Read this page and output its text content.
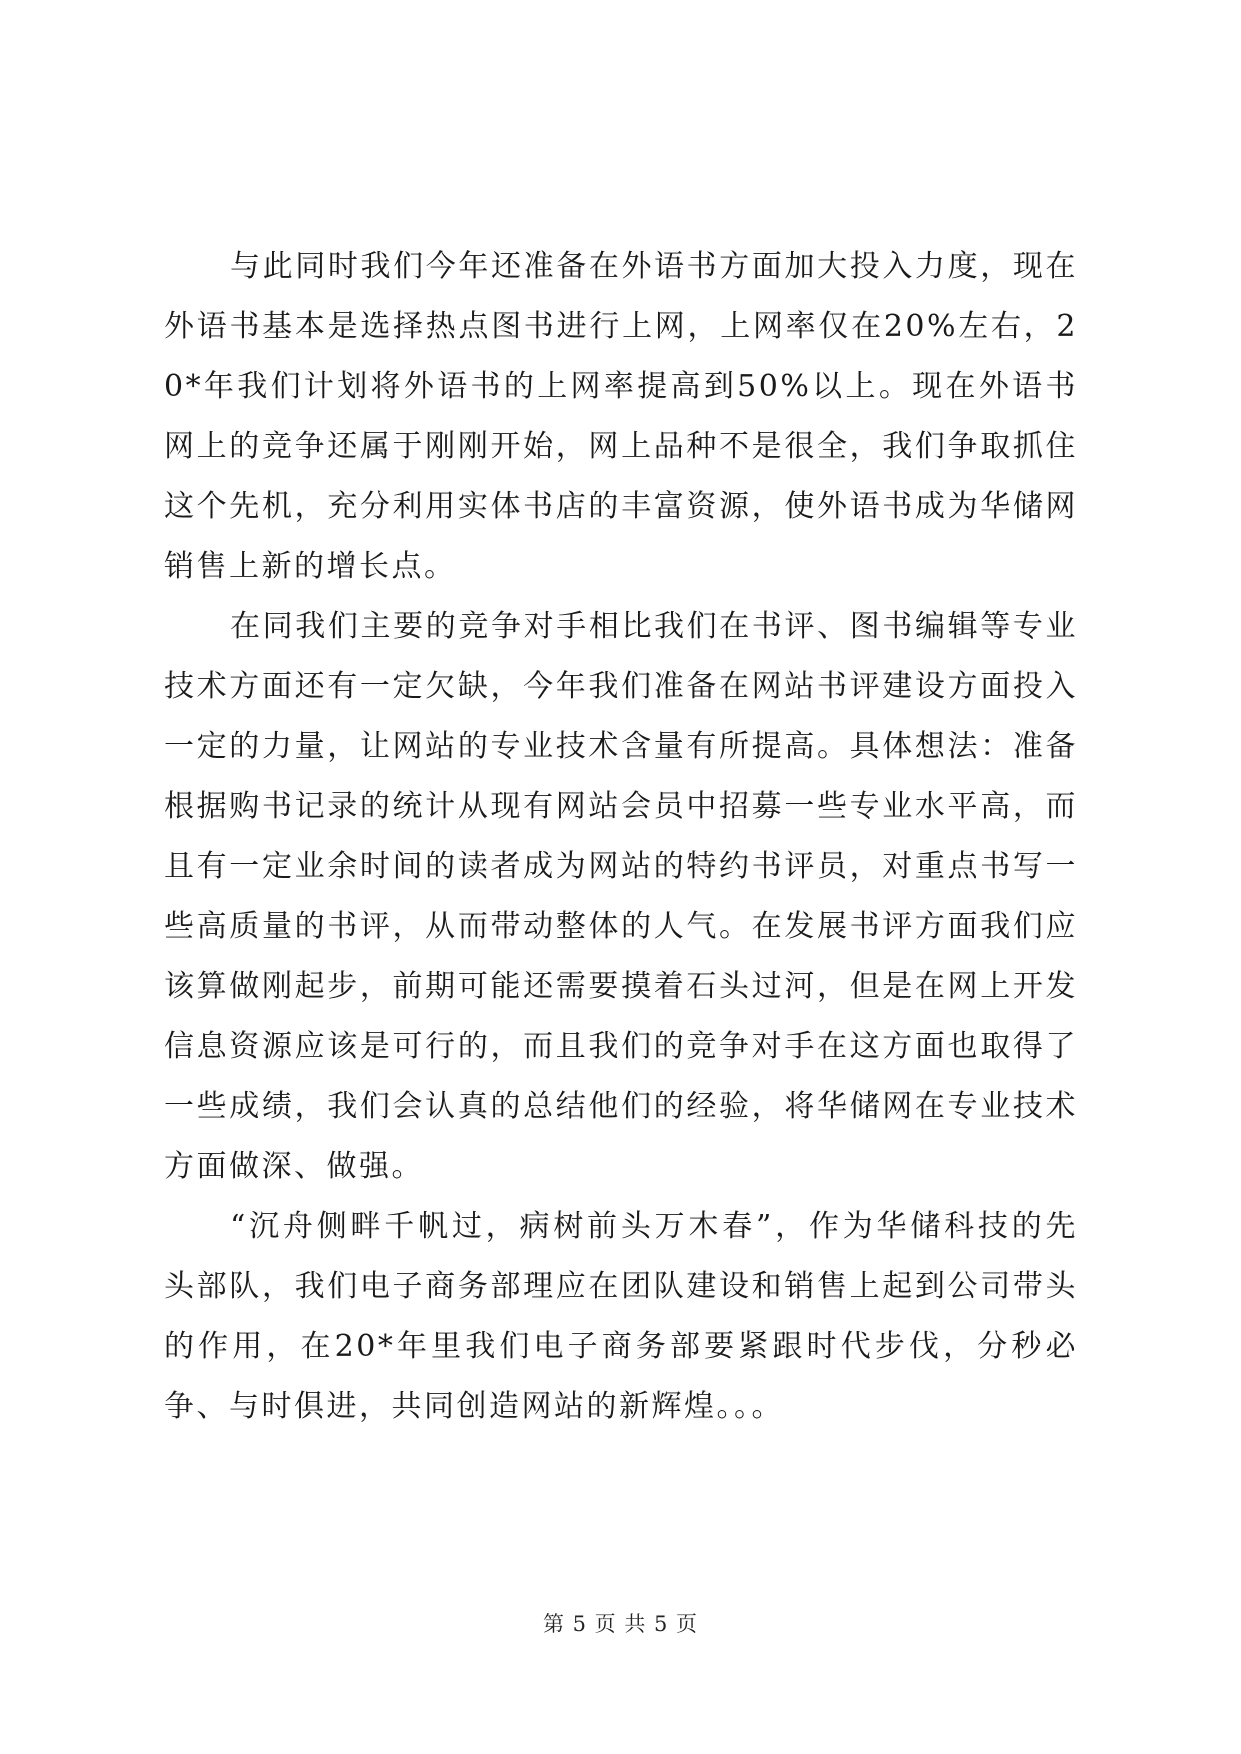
与此同时我们今年还准备在外语书方面加大投入力度，现在外语书基本是选择热点图书进行上网，上网率仅在20%左右，20*年我们计划将外语书的上网率提高到50%以上。现在外语书网上的竞争还属于刚刚开始，网上品种不是很全，我们争取抓住这个先机，充分利用实体书店的丰富资源，使外语书成为华储网销售上新的增长点。

在同我们主要的竞争对手相比我们在书评、图书编辑等专业技术方面还有一定欠缺，今年我们准备在网站书评建设方面投入一定的力量，让网站的专业技术含量有所提高。具体想法：准备根据购书记录的统计从现有网站会员中招募一些专业水平高，而且有一定业余时间的读者成为网站的特约书评员，对重点书写一些高质量的书评，从而带动整体的人气。在发展书评方面我们应该算做刚起步，前期可能还需要摸着石头过河，但是在网上开发信息资源应该是可行的，而且我们的竞争对手在这方面也取得了一些成绩，我们会认真的总结他们的经验，将华储网在专业技术方面做深、做强。

“沉舟侧畔千帆过，病树前头万木春”，作为华储科技的先头部队，我们电子商务部理应在团队建设和销售上起到公司带头的作用，在20*年里我们电子商务部要紧跟时代步伐，分秒必争、与时俱进，共同创造网站的新辉煌。。。

第 5 页 共 5 页
